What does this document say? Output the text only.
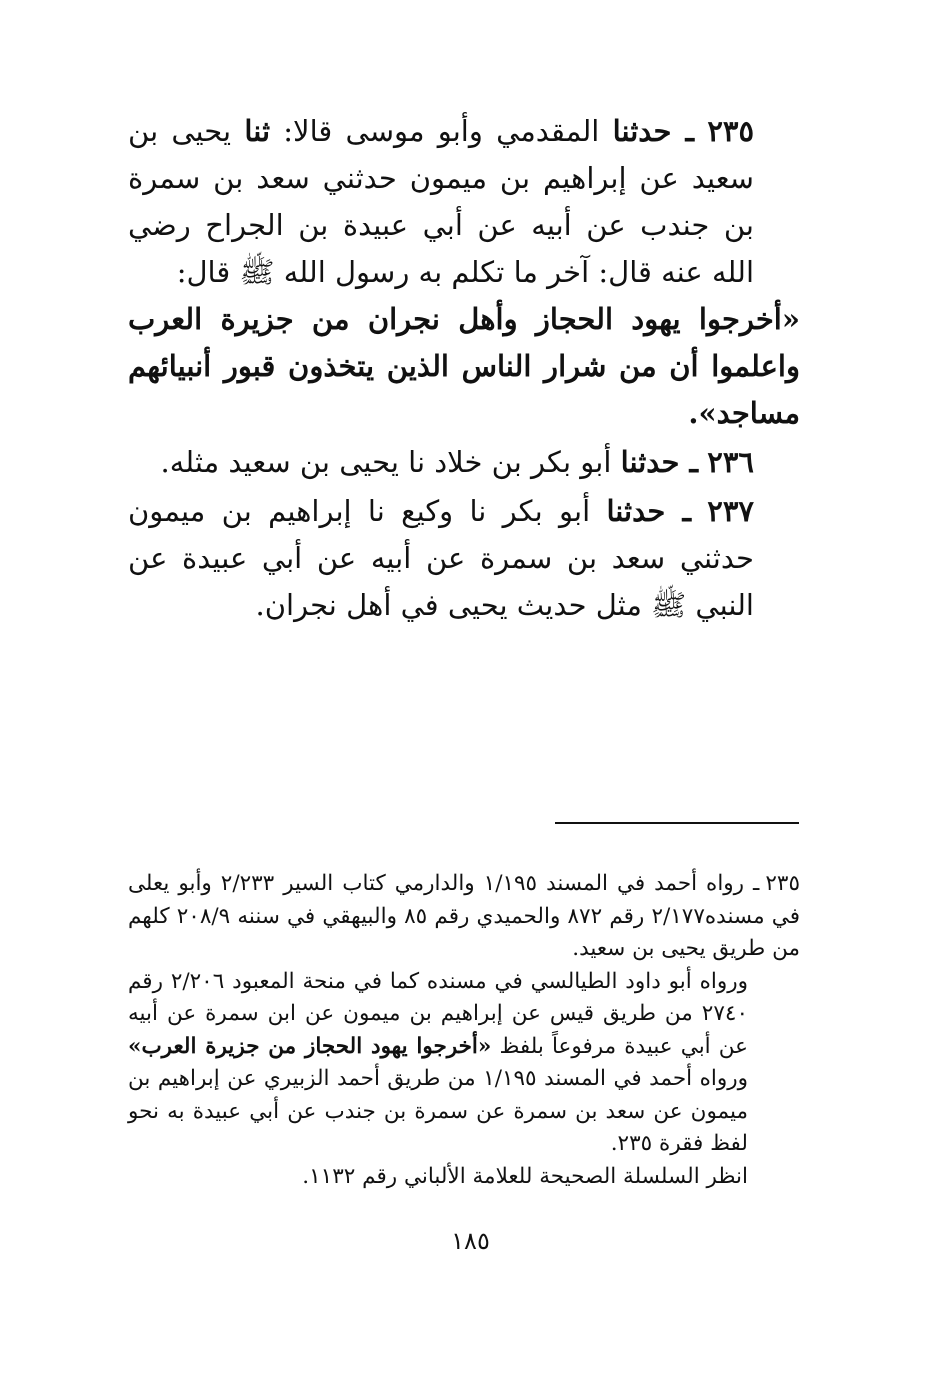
٢٣٥ ـ حدثنا المقدمي وأبو موسى قالا: ثنا يحيى بن سعيد عن إبراهيم بن ميمون حدثني سعد بن سمرة بن جندب عن أبيه عن أبي عبيدة بن الجراح رضي الله عنه قال: آخر ما تكلم به رسول الله ﷺ قال:

«أخرجوا يهود الحجاز وأهل نجران من جزيرة العرب واعلموا أن من شرار الناس الذين يتخذون قبور أنبيائهم مساجد».

٢٣٦ ـ حدثنا أبو بكر بن خلاد نا يحيى بن سعيد مثله.

٢٣٧ ـ حدثنا أبو بكر نا وكيع نا إبراهيم بن ميمون حدثني سعد بن سمرة عن أبيه عن أبي عبيدة عن النبي ﷺ مثل حديث يحيى في أهل نجران.

٢٣٥ـ رواه أحمد في المسند ١/١٩٥ والدارمي كتاب السير ٢/٢٣٣ وأبو يعلى في مسنده٢/١٧٧ رقم ٨٧٢ والحميدي رقم ٨٥ والبيهقي في سننه ٢٠٨/٩ كلهم من طريق يحيى بن سعيد.

ورواه أبو داود الطيالسي في مسنده كما في منحة المعبود ٢/٢٠٦ رقم ٢٧٤٠ من طريق قيس عن إبراهيم بن ميمون عن ابن سمرة عن أبيه عن أبي عبيدة مرفوعاً بلفظ «أخرجوا يهود الحجاز من جزيرة العرب» ورواه أحمد في المسند ١/١٩٥ من طريق أحمد الزبيري عن إبراهيم بن ميمون عن سعد بن سمرة عن سمرة بن جندب عن أبي عبيدة به نحو لفظ فقرة ٢٣٥.

انظر السلسلة الصحيحة للعلامة الألباني رقم ١١٣٢.

١٨٥
